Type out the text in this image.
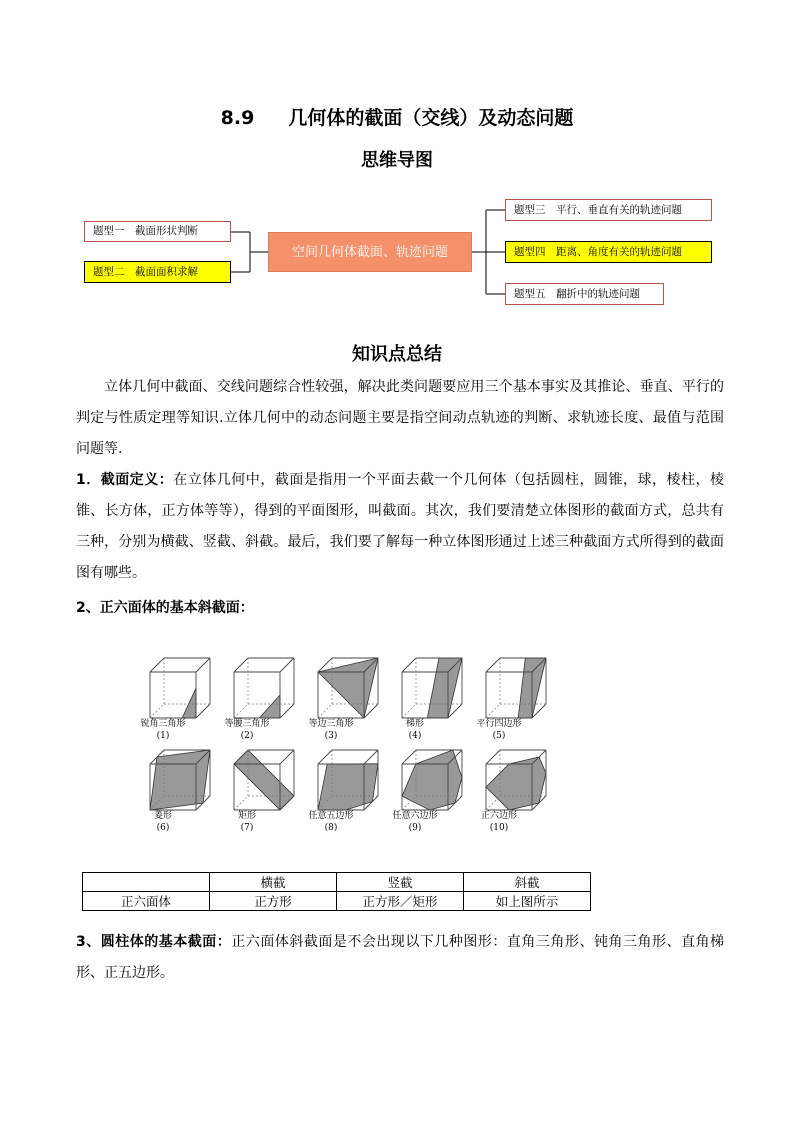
8.9 几何体的截面（交线）及动态问题
思维导图
题型一　截面形状判断
题型二　截面面积求解
空间几何体截面、轨迹问题
题型三　平行、垂直有关的轨迹问题
题型四　距离、角度有关的轨迹问题
题型五　翻折中的轨迹问题
知识点总结
立体几何中截面、交线问题综合性较强，解决此类问题要应用三个基本事实及其推论、垂直、平行的判定与性质定理等知识.立体几何中的动态问题主要是指空间动点轨迹的判断、求轨迹长度、最值与范围问题等.
1．截面定义：在立体几何中，截面是指用一个平面去截一个几何体（包括圆柱，圆锥，球，棱柱，棱锥、长方体，正方体等等），得到的平面图形，叫截面。其次，我们要清楚立体图形的截面方式，总共有三种，分别为横截、竖截、斜截。最后，我们要了解每一种立体图形通过上述三种截面方式所得到的截面图有哪些。
2、正六面体的基本斜截面：
锐角三角形
(1)
等腰三角形
(2)
等边三角形
(3)
梯形
(4)
平行四边形
(5)
菱形
(6)
矩形
(7)
任意五边形
(8)
任意六边形
(9)
正六边形
(10)
	横截	竖截	斜截
正六面体	正方形	正方形／矩形	如上图所示
3、圆柱体的基本截面：正六面体斜截面是不会出现以下几种图形：直角三角形、钝角三角形、直角梯形、正五边形。
